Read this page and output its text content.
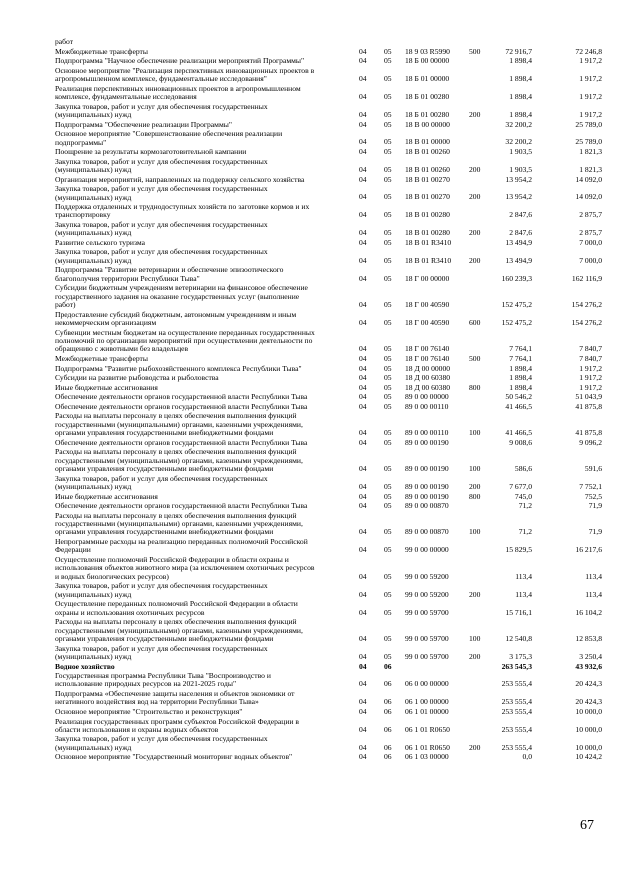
работ
Межбюджетные трансферты	04 05 18 9 03 R5990	500	72 916,7	72 246,8
Подпрограмма "Научное обеспечение реализации мероприятий Программы"	04 05 18 Б 00 00000	1 898,4	1 917,2
Основное мероприятие "Реализация перспективных инновационных проектов в
агропромышленном комплексе, фундаментальные исследования"	04 05 18 Б 01 00000	1 898,4	1 917,2
Реализация перспективных инновационных проектов в агропромышленном
комплексе, фундаментальные исследования	04 05 18 Б 01 00280	1 898,4	1 917,2
Закупка товаров, работ и услуг для обеспечения государственных
(муниципальных) нужд	04 05 18 Б 01 00280	200	1 898,4	1 917,2
Подпрограмма "Обеспечение реализации Программы"	04 05 18 В 00 00000	32 200,2	25 789,0
Основное мероприятие "Совершенствование обеспечения реализации
подпрограммы"	04 05 18 В 01 00000	32 200,2	25 789,0
Поощрение за результаты кормозаготовительной кампании	04 05 18 В 01 00260	1 903,5	1 821,3
Закупка товаров, работ и услуг для обеспечения государственных
(муниципальных) нужд	04 05 18 В 01 00260	200	1 903,5	1 821,3
Организация мероприятий, направленных на поддержку сельского хозяйства	04 05 18 В 01 00270	13 954,2	14 092,0
Закупка товаров, работ и услуг для обеспечения государственных
(муниципальных) нужд	04 05 18 В 01 00270	200	13 954,2	14 092,0
Поддержка отдаленных и труднодоступных хозяйств по заготовке кормов и их
транспортировку	04 05 18 В 01 00280	2 847,6	2 875,7
Закупка товаров, работ и услуг для обеспечения государственных
(муниципальных) нужд	04 05 18 В 01 00280	200	2 847,6	2 875,7
Развитие сельского туризма	04 05 18 В 01 R3410	13 494,9	7 000,0
Закупка товаров, работ и услуг для обеспечения государственных
(муниципальных) нужд	04 05 18 В 01 R3410 200	13 494,9	7 000,0
Подпрограмма "Развитие ветеринарии и обеспечение эпизоотического
благополучия территории Республики Тыва"	04 05 18 Г 00 00000	160 239,3	162 116,9
Субсидии бюджетным учреждениям ветеринарии на финансовое обеспечение
государственного задания на оказание государственных услуг (выполнение
работ)	04 05 18 Г 00 40590	152 475,2	154 276,2
Предоставление субсидий бюджетным, автономным учреждениям и иным
некоммерческим организациям	04 05 18 Г 00 40590	600	152 475,2	154 276,2
Субвенции местным бюджетам на осуществление переданных государственных
полномочий по организации мероприятий при осуществлении деятельности по
обращению с животными без владельцев	04 05 18 Г 00 76140	7 764,1	7 840,7
Межбюджетные трансферты	04 05 18 Г 00 76140	500	7 764,1	7 840,7
Подпрограмма "Развитие рыбохозяйственного комплекса Республики Тыва"	04 05 18 Д 00 00000	1 898,4	1 917,2
Субсидии на развитие рыбоводства и рыболовства	04 05 18 Д 00 60380	1 898,4	1 917,2
Иные бюджетные ассигнования	04 05 18 Д 00 60380 800	1 898,4	1 917,2
Обеспечение деятельности органов государственной власти Республики Тыва	04 05 89 0 00 00000	50 546,2	51 043,9
Обеспечение деятельности органов государственной власти Республики Тыва	04 05 89 0 00 00110	41 466,5	41 875,8
Расходы на выплаты персоналу в целях обеспечения выполнения функций
государственными (муниципальными) органами, казенными учреждениями,
органами управления государственными внебюджетными фондами	04 05 89 0 00 00110	100	41 466,5	41 875,8
Обеспечение деятельности органов государственной власти Республики Тыва	04 05 89 0 00 00190	9 008,6	9 096,2
Расходы на выплаты персоналу в целях обеспечения выполнения функций
государственными (муниципальными) органами, казенными учреждениями,
органами управления государственными внебюджетными фондами	04 05 89 0 00 00190	100	586,6	591,6
Закупка товаров, работ и услуг для обеспечения государственных
(муниципальных) нужд	04 05 89 0 00 00190	200	7 677,0	7 752,1
Иные бюджетные ассигнования	04 05 89 0 00 00190	800	745,0	752,5
Обеспечение деятельности органов государственной власти Республики Тыва	04 05 89 0 00 00870	71,2	71,9
Расходы на выплаты персоналу в целях обеспечения выполнения функций
государственными (муниципальными) органами, казенными учреждениями,
органами управления государственными внебюджетными фондами	04 05 89 0 00 00870	100	71,2	71,9
Непрограммные расходы на реализацию переданных полномочий Российской
Федерации	04 05 99 0 00 00000	15 829,5	16 217,6
Осуществление полномочий Российской Федерации в области охраны и
использования объектов животного мира (за исключением охотничьих ресурсов
и водных биологических ресурсов)	04 05 99 0 00 59200	113,4	113,4
Закупка товаров, работ и услуг для обеспечения государственных
(муниципальных) нужд	04 05 99 0 00 59200	200	113,4	113,4
Осуществление переданных полномочий Российской Федерации в области
охраны и использования охотничьих ресурсов	04 05 99 0 00 59700	15 716,1	16 104,2
Расходы на выплаты персоналу в целях обеспечения выполнения функций
государственными (муниципальными) органами, казенными учреждениями,
органами управления государственными внебюджетными фондами	04 05 99 0 00 59700	100	12 540,8	12 853,8
Закупка товаров, работ и услуг для обеспечения государственных
(муниципальных) нужд	04 05 99 0 00 59700	200	3 175,3	3 250,4
Водное хозяйство	04 06	263 545,3	43 932,6
Государственная программа Республики Тыва "Воспроизводство и
использование природных ресурсов на 2021-2025 годы"	04 06 06 0 00 00000	253 555,4	20 424,3
Подпрограмма «Обеспечение защиты населения и объектов экономики от
негативного воздействия вод на территории Республики Тыва»	04 06 06 1 00 00000	253 555,4	20 424,3
Основное мероприятие "Строительство и реконструкция"	04 06 06 1 01 00000	253 555,4	10 000,0
Реализация государственных программ субъектов Российской Федерации в
области использования и охраны водных объектов	04 06 06 1 01 R0650	253 555,4	10 000,0
Закупка товаров, работ и услуг для обеспечения государственных
(муниципальных) нужд	04 06 06 1 01 R0650	200	253 555,4	10 000,0
Основное мероприятие "Государственный мониторинг водных объектов"	04 06 06 1 03 00000	0,0	10 424,2
67
